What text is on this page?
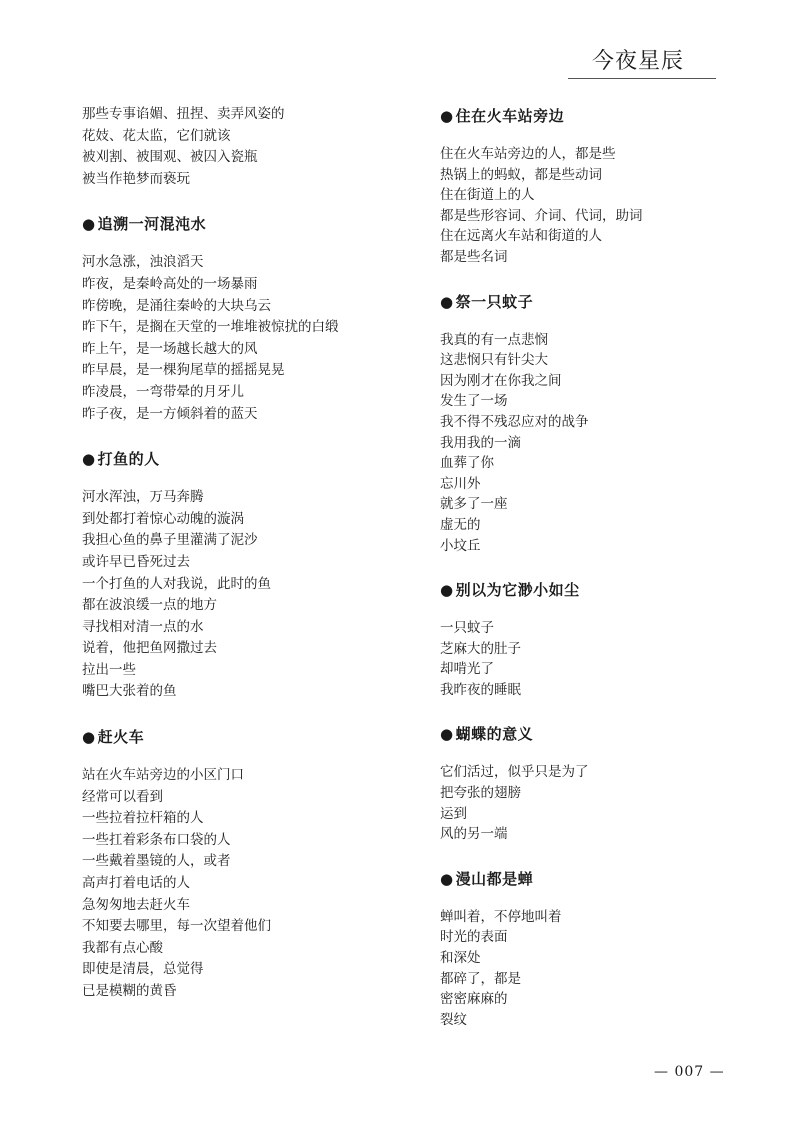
今夜星辰
那些专事谄媚、扭捏、卖弄风姿的
花妓、花太监，它们就该
被刈割、被围观、被囚入瓷瓶
被当作艳梦而亵玩
● 追溯一河混沌水
河水急涨，浊浪滔天
昨夜，是秦岭高处的一场暴雨
昨傍晚，是涌往秦岭的大块乌云
昨下午，是搁在天堂的一堆堆被惊扰的白缎
昨上午，是一场越长越大的风
昨早晨，是一棵狗尾草的摇摇晃晃
昨凌晨，一弯带晕的月牙儿
昨子夜，是一方倾斜着的蓝天
● 打鱼的人
河水浑浊，万马奔腾
到处都打着惊心动魄的漩涡
我担心鱼的鼻子里灌满了泥沙
或许早已昏死过去
一个打鱼的人对我说，此时的鱼
都在波浪缓一点的地方
寻找相对清一点的水
说着，他把鱼网撒过去
拉出一些
嘴巴大张着的鱼
● 赶火车
站在火车站旁边的小区门口
经常可以看到
一些拉着拉杆箱的人
一些扛着彩条布口袋的人
一些戴着墨镜的人，或者
高声打着电话的人
急匆匆地去赶火车
不知要去哪里，每一次望着他们
我都有点心酸
即使是清晨，总觉得
已是模糊的黄昏
● 住在火车站旁边
住在火车站旁边的人，都是些
热锅上的蚂蚁，都是些动词
住在街道上的人
都是些形容词、介词、代词，助词
住在远离火车站和街道的人
都是些名词
● 祭一只蚊子
我真的有一点悲悯
这悲悯只有针尖大
因为刚才在你我之间
发生了一场
我不得不残忍应对的战争
我用我的一滴
血葬了你
忘川外
就多了一座
虚无的
小坟丘
● 别以为它渺小如尘
一只蚊子
芝麻大的肚子
却啃光了
我昨夜的睡眠
● 蝴蝶的意义
它们活过，似乎只是为了
把夸张的翅膀
运到
风的另一端
● 漫山都是蝉
蝉叫着，不停地叫着
时光的表面
和深处
都碎了，都是
密密麻麻的
裂纹
— 007 —
